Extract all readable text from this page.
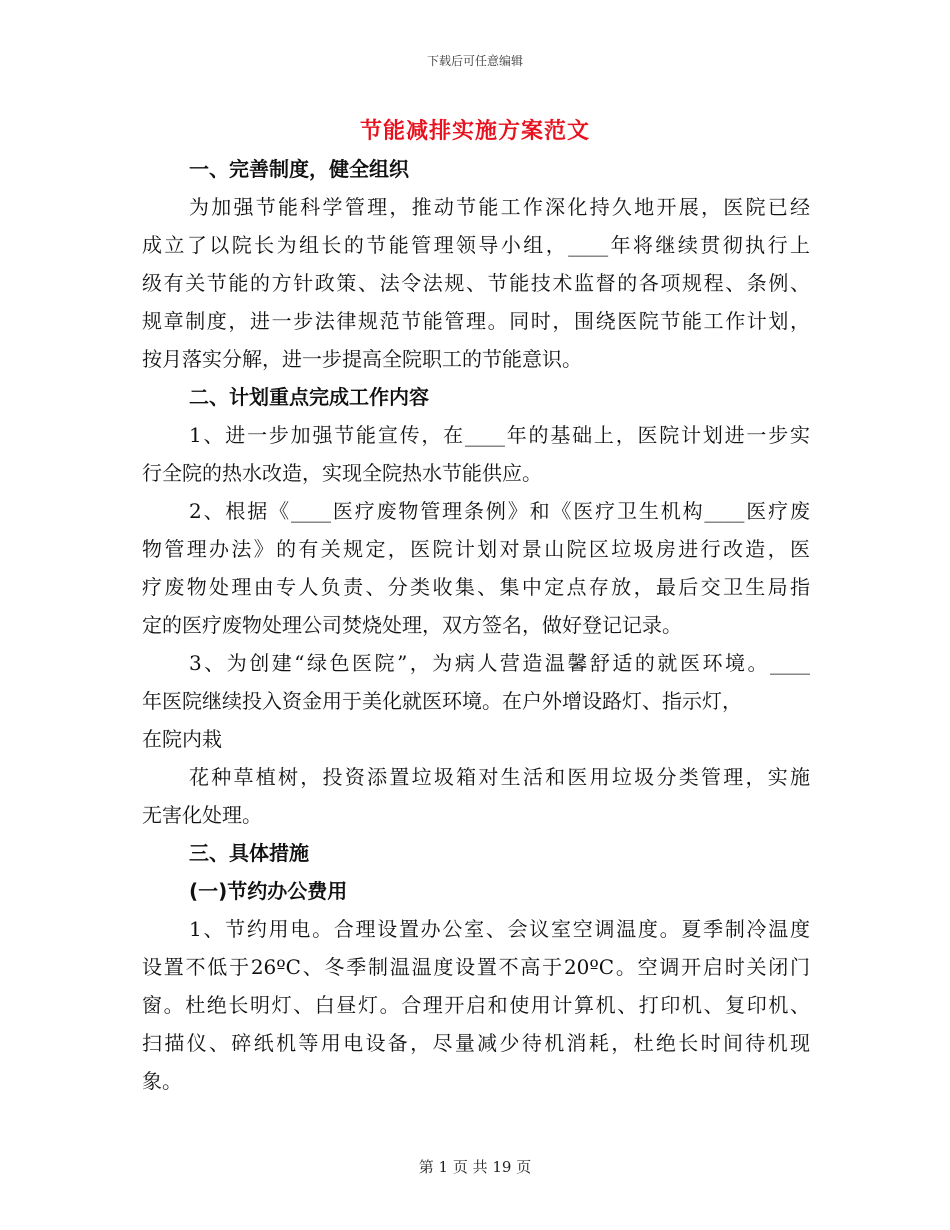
下载后可任意编辑
节能减排实施方案范文
一、完善制度，健全组织
为加强节能科学管理，推动节能工作深化持久地开展，医院已经
成立了以院长为组长的节能管理领导小组，____年将继续贯彻执行上
级有关节能的方针政策、法令法规、节能技术监督的各项规程、条例、
规章制度，进一步法律规范节能管理。同时，围绕医院节能工作计划，
按月落实分解，进一步提高全院职工的节能意识。
二、计划重点完成工作内容
1、进一步加强节能宣传，在____年的基础上，医院计划进一步实
行全院的热水改造，实现全院热水节能供应。
2、根据《____医疗废物管理条例》和《医疗卫生机构____医疗废
物管理办法》的有关规定，医院计划对景山院区垃圾房进行改造，医
疗废物处理由专人负责、分类收集、集中定点存放，最后交卫生局指
定的医疗废物处理公司焚烧处理，双方签名，做好登记记录。
3、为创建“绿色医院”，为病人营造温馨舒适的就医环境。____
年医院继续投入资金用于美化就医环境。在户外增设路灯、指示灯，
在院内栽
花种草植树，投资添置垃圾箱对生活和医用垃圾分类管理，实施
无害化处理。
三、具体措施
(一)节约办公费用
1、节约用电。合理设置办公室、会议室空调温度。夏季制冷温度
设置不低于26ºC、冬季制温温度设置不高于20ºC。空调开启时关闭门
窗。杜绝长明灯、白昼灯。合理开启和使用计算机、打印机、复印机、
扫描仪、碎纸机等用电设备，尽量减少待机消耗，杜绝长时间待机现
象。
第 1 页 共 19 页
